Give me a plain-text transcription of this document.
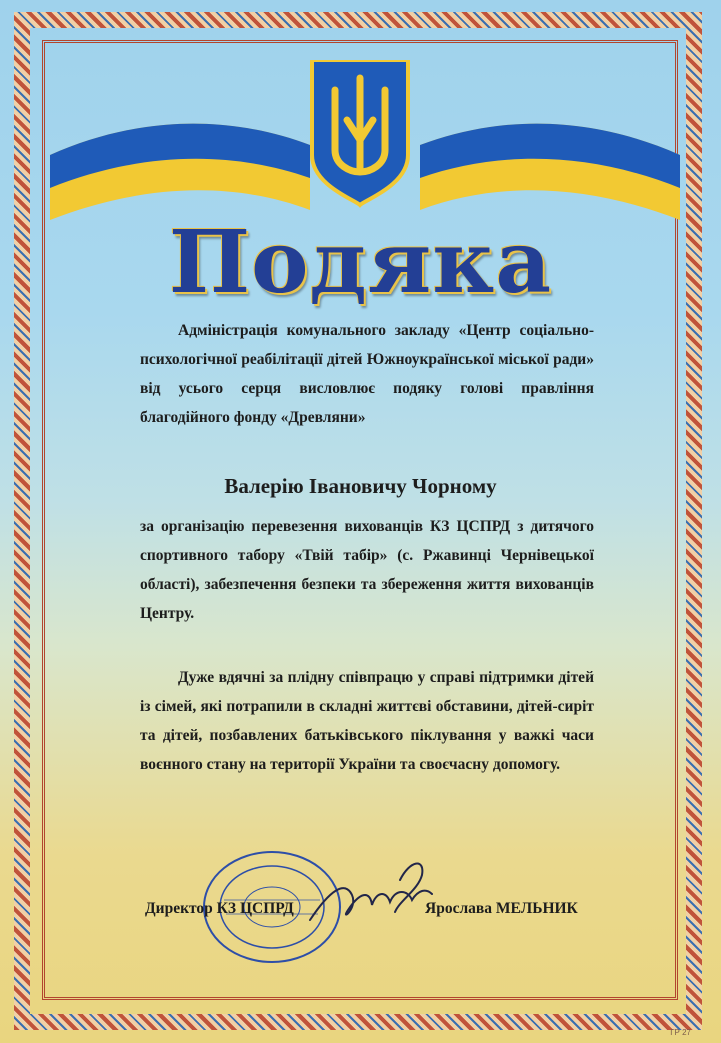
Подяка
Адміністрація комунального закладу «Центр соціально-психологічної реабілітації дітей Южноукраїнської міської ради» від усього серця висловлює подяку голові правління благодійного фонду «Древляни»
Валерію Івановичу Чорному
за організацію перевезення вихованців КЗ ЦСПРД з дитячого спортивного табору «Твій табір» (с. Ржавинці Чернівецької області), забезпечення безпеки та збереження життя вихованців Центру.
Дуже вдячні за плідну співпрацю у справі підтримки дітей із сімей, які потрапили в складні життєві обставини, дітей-сиріт та дітей, позбавлених батьківського піклування у важкі часи воєнного стану на території України та своєчасну допомогу.
Директор КЗ ЦСПРД	Ярослава МЕЛЬНИК
ГР 27
